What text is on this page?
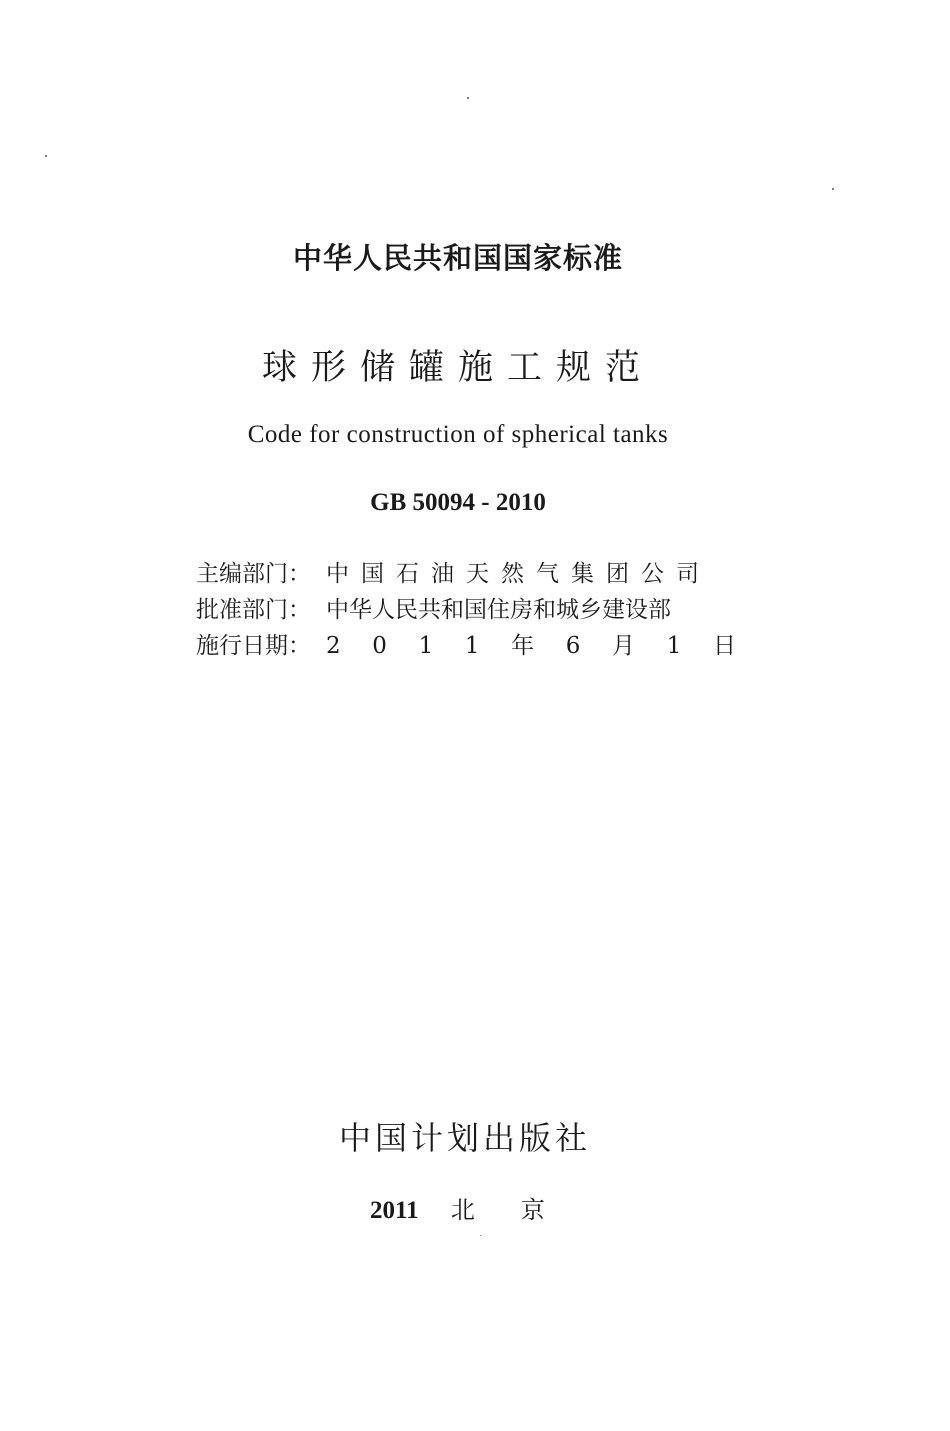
中华人民共和国国家标准
球形储罐施工规范
Code for construction of spherical tanks
GB 50094 - 2010
主编部门： 中国石油天然气集团公司
批准部门： 中华人民共和国住房和城乡建设部
施行日期： 2 0 1 1 年 6 月 1 日
中国计划出版社
2011 北京
